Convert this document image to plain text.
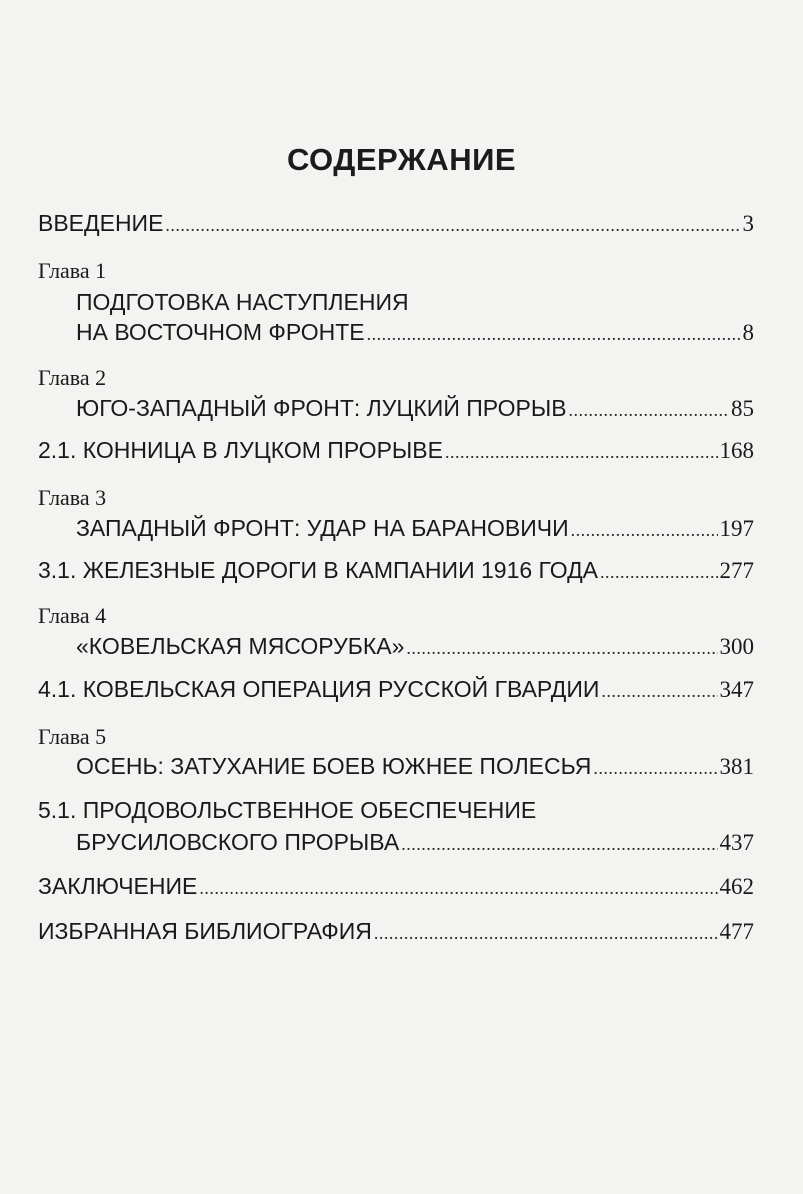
СОДЕРЖАНИЕ
ВВЕДЕНИЕ .....	3
Глава 1
ПОДГОТОВКА НАСТУПЛЕНИЯ
НА ВОСТОЧНОМ ФРОНТЕ .....	8
Глава 2
ЮГО-ЗАПАДНЫЙ ФРОНТ: ЛУЦКИЙ ПРОРЫВ .....	85
2.1. КОННИЦА В ЛУЦКОМ ПРОРЫВЕ .....	168
Глава 3
ЗАПАДНЫЙ ФРОНТ: УДАР НА БАРАНОВИЧИ .....	197
3.1. ЖЕЛЕЗНЫЕ ДОРОГИ В КАМПАНИИ 1916 ГОДА .....	277
Глава 4
«КОВЕЛЬСКАЯ МЯСОРУБКА» .....	300
4.1. КОВЕЛЬСКАЯ ОПЕРАЦИЯ РУССКОЙ ГВАРДИИ .....	347
Глава 5
ОСЕНЬ: ЗАТУХАНИЕ БОЕВ ЮЖНЕЕ ПОЛЕСЬЯ .....	381
5.1. ПРОДОВОЛЬСТВЕННОЕ ОБЕСПЕЧЕНИЕ
БРУСИЛОВСКОГО ПРОРЫВА .....	437
ЗАКЛЮЧЕНИЕ .....	462
ИЗБРАННАЯ БИБЛИОГРАФИЯ .....	477
